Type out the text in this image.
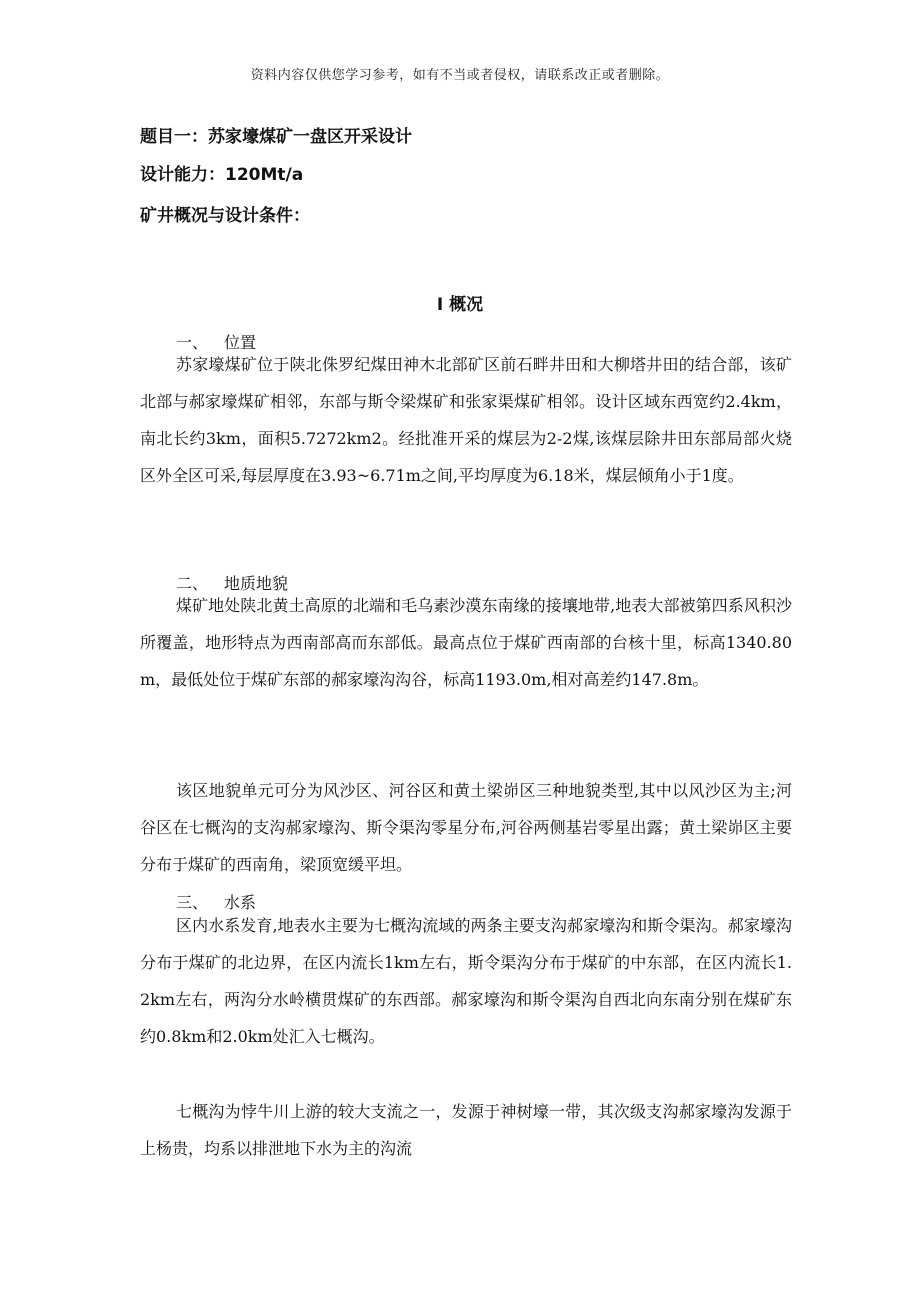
资料内容仅供您学习参考，如有不当或者侵权，请联系改正或者删除。
题目一：苏家壕煤矿一盘区开采设计
设计能力：120Mt/a
矿井概况与设计条件：
I 概况
一、 位置

苏家壕煤矿位于陕北侏罗纪煤田神木北部矿区前石畔井田和大柳塔井田的结合部，该矿北部与郝家壕煤矿相邻，东部与斯令梁煤矿和张家渠煤矿相邻。设计区域东西宽约2.4km，南北长约3km，面积5.7272km2。经批准开采的煤层为2-2煤,该煤层除井田东部局部火烧区外全区可采,每层厚度在3.93~6.71m之间,平均厚度为6.18米，煤层倾角小于1度。

二、 地质地貌

煤矿地处陕北黄土高原的北端和毛乌素沙漠东南缘的接壤地带,地表大部被第四系风积沙所覆盖，地形特点为西南部高而东部低。最高点位于煤矿西南部的台核十里，标高1340.80m，最低处位于煤矿东部的郝家壕沟沟谷，标高1193.0m,相对高差约147.8m。

该区地貌单元可分为风沙区、河谷区和黄土梁峁区三种地貌类型,其中以风沙区为主;河谷区在七概沟的支沟郝家壕沟、斯令渠沟零星分布,河谷两侧基岩零星出露；黄土梁峁区主要分布于煤矿的西南角，梁顶宽缓平坦。

三、 水系

区内水系发育,地表水主要为七概沟流域的两条主要支沟郝家壕沟和斯令渠沟。郝家壕沟分布于煤矿的北边界，在区内流长1km左右，斯令渠沟分布于煤矿的中东部，在区内流长1.2km左右，两沟分水岭横贯煤矿的东西部。郝家壕沟和斯令渠沟自西北向东南分别在煤矿东约0.8km和2.0km处汇入七概沟。

七概沟为悖牛川上游的较大支流之一，发源于神树壕一带，其次级支沟郝家壕沟发源于上杨贵，均系以排泄地下水为主的沟流
